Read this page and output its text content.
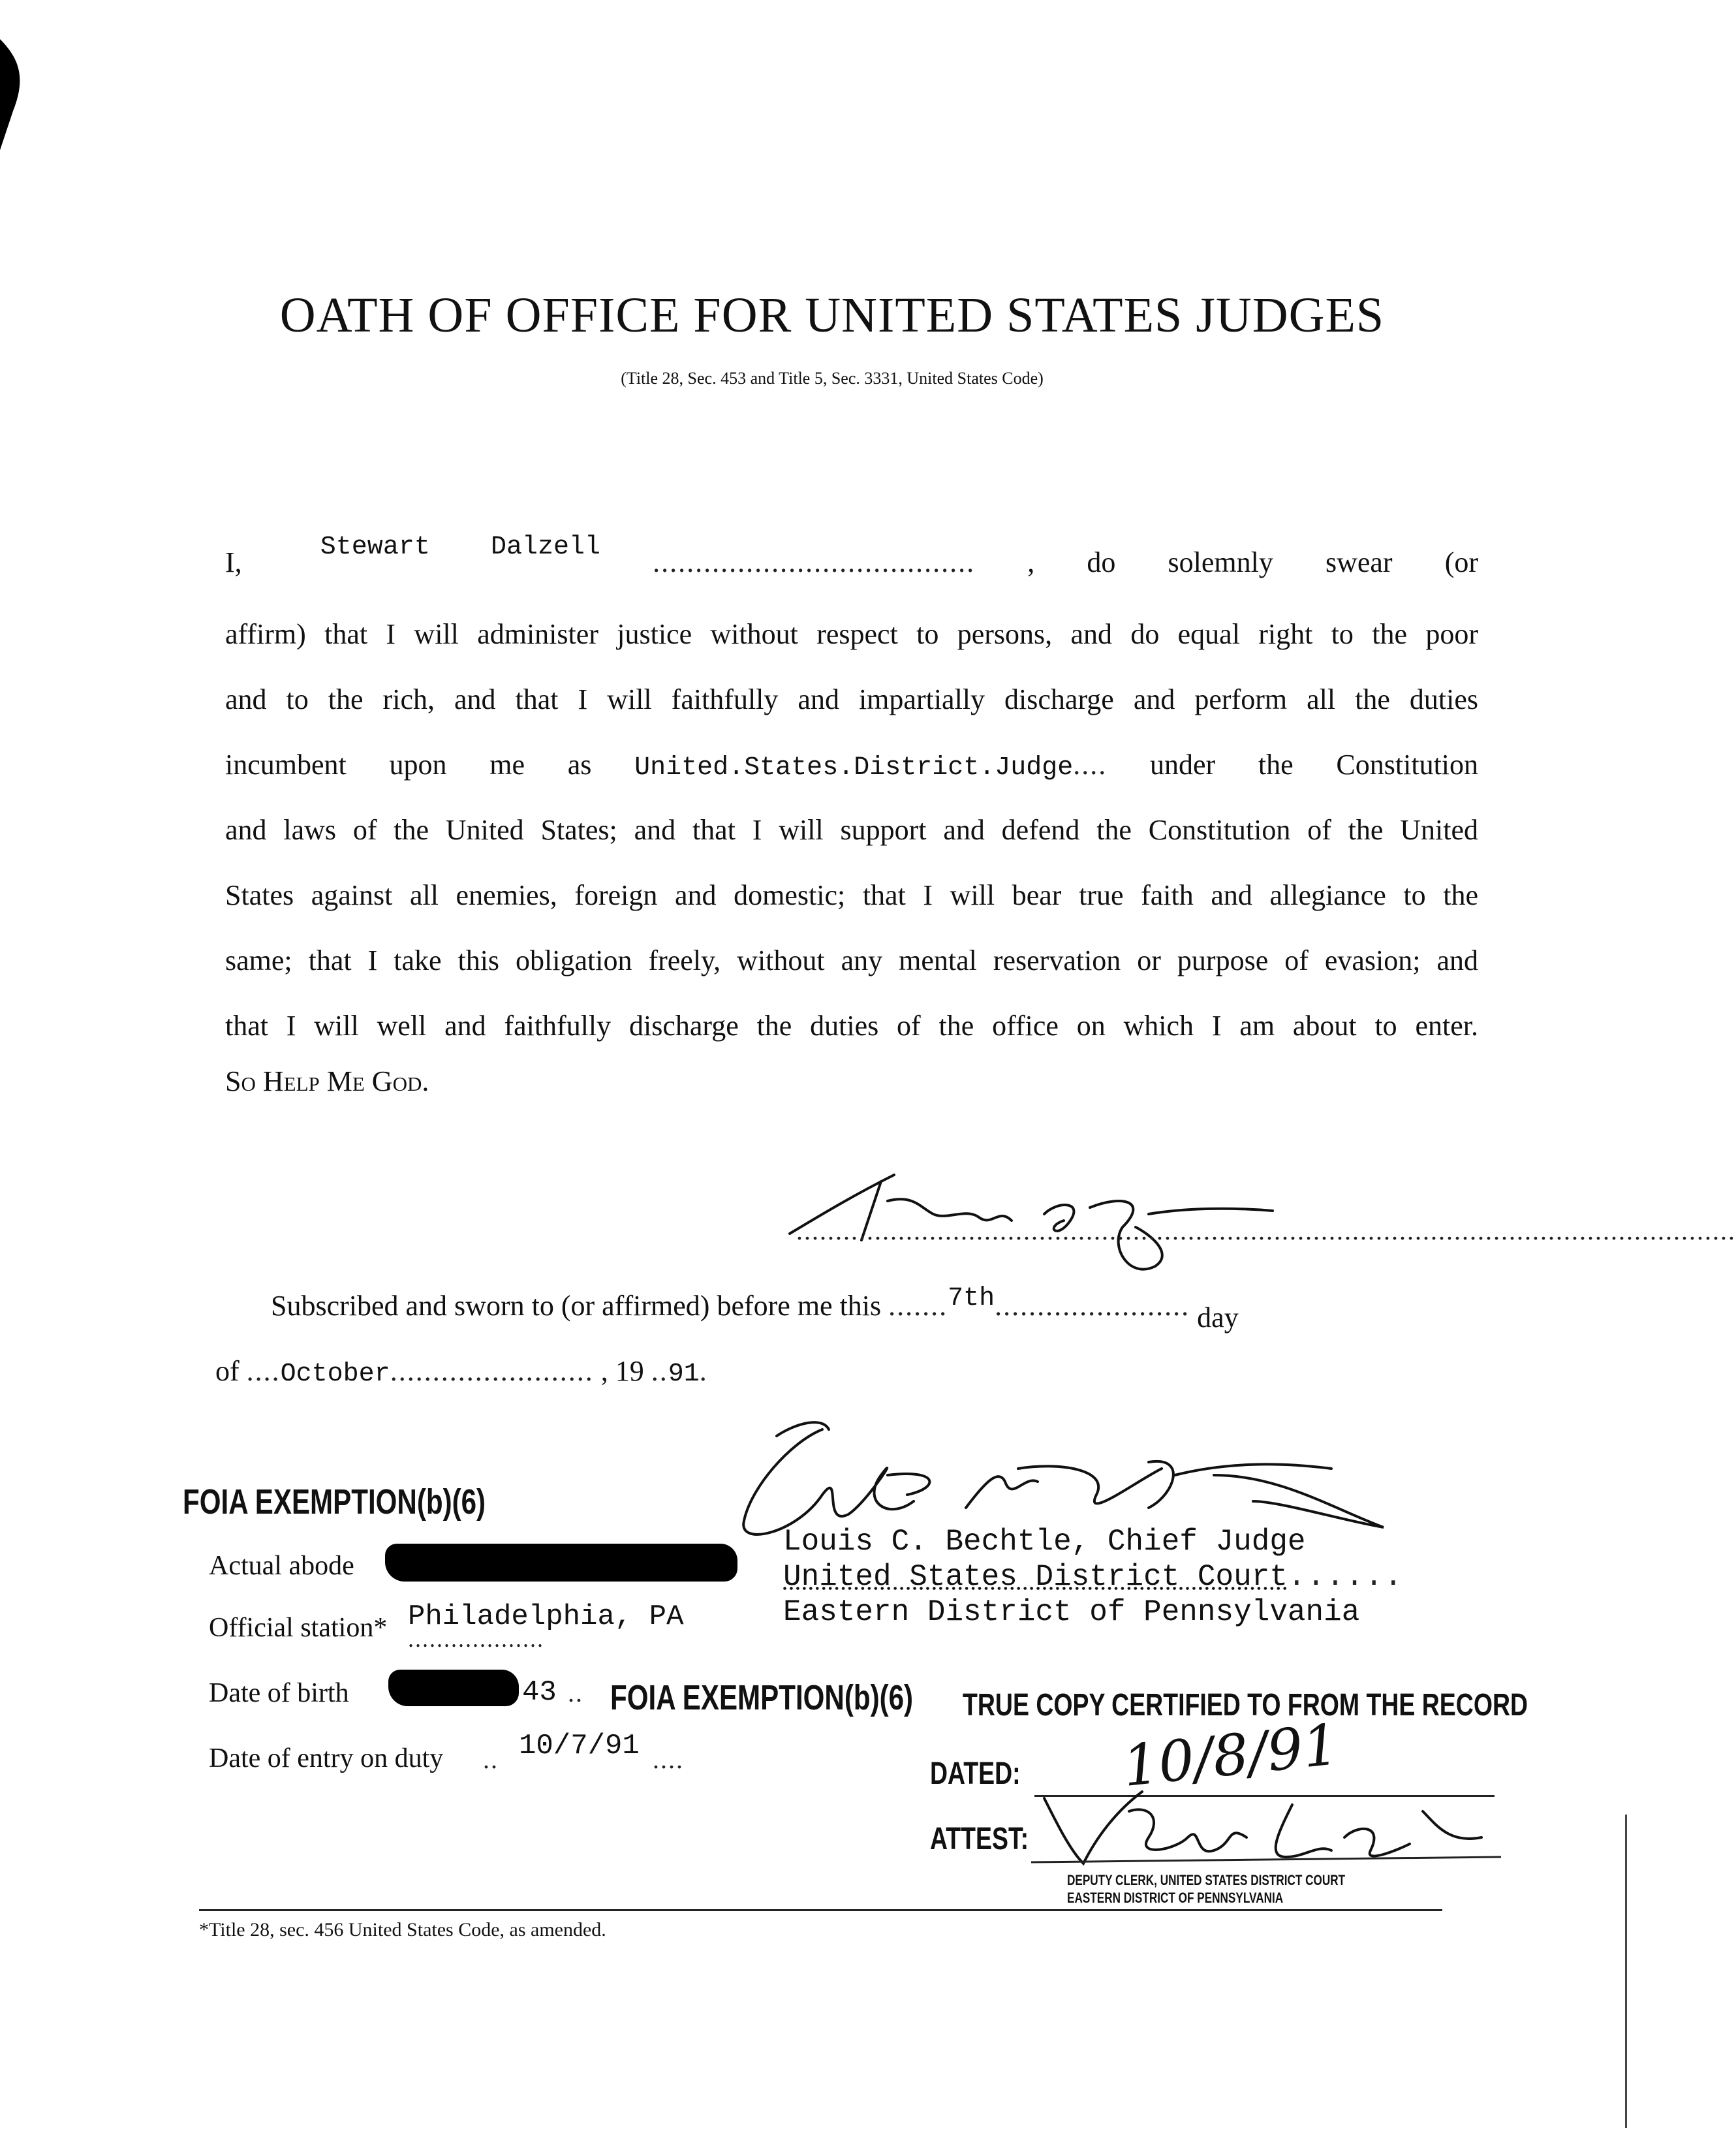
OATH OF OFFICE FOR UNITED STATES JUDGES
(Title 28, Sec. 453 and Title 5, Sec. 3331, United States Code)
I,	Stewart Dalzell ...................................... , do solemnly swear (or
affirm) that I will administer justice without respect to persons, and do equal right to the poor
and to the rich, and that I will faithfully and impartially discharge and perform all the duties
incumbent upon me as United.States.District.Judge.... under the Constitution
and laws of the United States; and that I will support and defend the Constitution of the United
States against all enemies, foreign and domestic; that I will bear true faith and allegiance to the
same; that I take this obligation freely, without any mental reservation or purpose of evasion; and
that I will well and faithfully discharge the duties of the office on which I am about to enter.
So Help Me God.
........................................................................................................................
Subscribed and sworn to (or affirmed) before me this .......7th....................... day
of ....October........................ , 19 ..91.
Louis C. Bechtle, Chief Judge
United States District Court......
Eastern District of Pennsylvania
FOIA EXEMPTION(b)(6)
Actual abode
Official station* Philadelphia, PA
...................
Date of birth	43 .. FOIA EXEMPTION(b)(6)
Date of entry on duty .. 10/7/91 ....
TRUE COPY CERTIFIED TO FROM THE RECORD
DATED: 10/8/91
ATTEST:
DEPUTY CLERK, UNITED STATES DISTRICT COURT
EASTERN DISTRICT OF PENNSYLVANIA
*Title 28, sec. 456 United States Code, as amended.
